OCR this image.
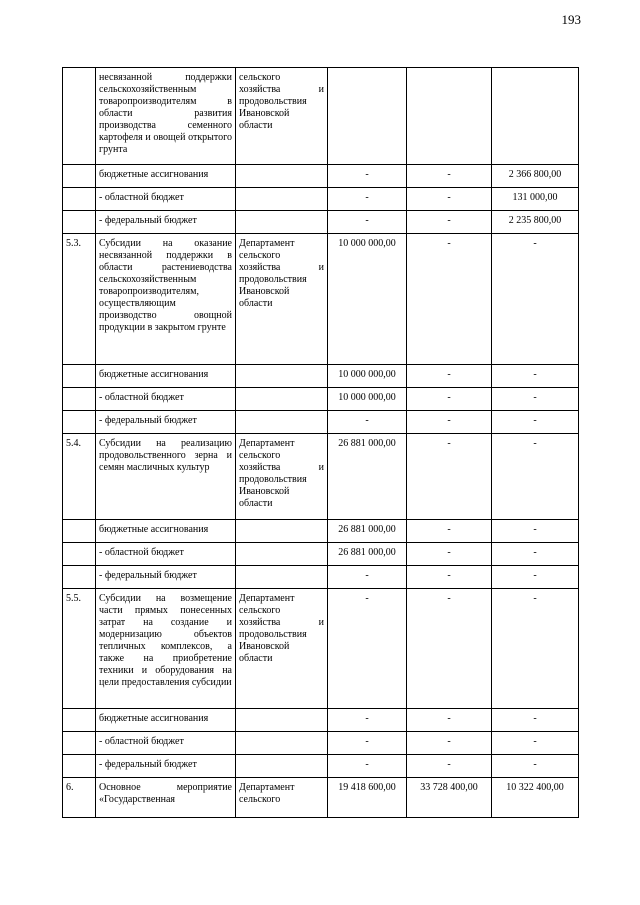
193
	несвязанной поддержки сельскохозяйственным товаропроизводителям в области развития производства семенного картофеля и овощей открытого грунта	сельского хозяйства и продовольствия Ивановской области			
	бюджетные ассигнования		-	-	2 366 800,00
	- областной бюджет		-	-	131 000,00
	- федеральный бюджет		-	-	2 235 800,00
5.3.	Субсидии на оказание несвязанной поддержки в области растениеводства сельскохозяйственным товаропроизводителям, осуществляющим производство овощной продукции в закрытом грунте	Департамент сельского хозяйства и продовольствия Ивановской области	10 000 000,00	-	-
	бюджетные ассигнования		10 000 000,00	-	-
	- областной бюджет		10 000 000,00	-	-
	- федеральный бюджет		-	-	-
5.4.	Субсидии на реализацию продовольственного зерна и семян масличных культур	Департамент сельского хозяйства и продовольствия Ивановской области	26 881 000,00	-	-
	бюджетные ассигнования		26 881 000,00	-	-
	- областной бюджет		26 881 000,00	-	-
	- федеральный бюджет		-	-	-
5.5.	Субсидии на возмещение части прямых понесенных затрат на создание и модернизацию объектов тепличных комплексов, а также на приобретение техники и оборудования на цели предоставления субсидии	Департамент сельского хозяйства и продовольствия Ивановской области	-	-	-
	бюджетные ассигнования		-	-	-
	- областной бюджет		-	-	-
	- федеральный бюджет		-	-	-
6.	Основное мероприятие «Государственная	Департамент сельского	19 418 600,00	33 728 400,00	10 322 400,00
